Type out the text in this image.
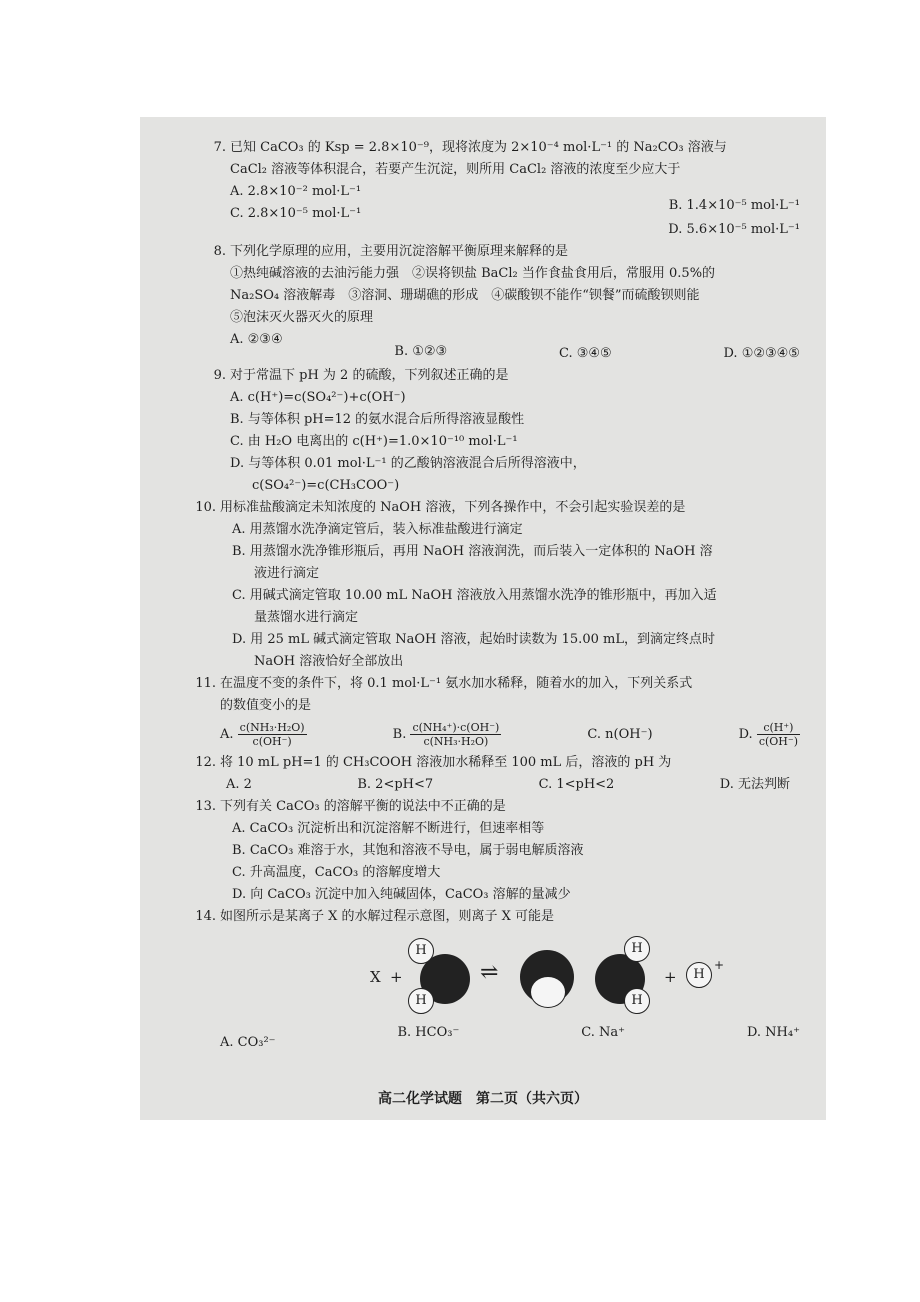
7. 已知 CaCO₃ 的 Ksp = 2.8×10⁻⁹，现将浓度为 2×10⁻⁴ mol·L⁻¹ 的 Na₂CO₃ 溶液与
CaCl₂ 溶液等体积混合，若要产生沉淀，则所用 CaCl₂ 溶液的浓度至少应大于
A. 2.8×10⁻² mol·L⁻¹
C. 2.8×10⁻⁵ mol·L⁻¹
B. 1.4×10⁻⁵ mol·L⁻¹
D. 5.6×10⁻⁵ mol·L⁻¹
8. 下列化学原理的应用，主要用沉淀溶解平衡原理来解释的是
①热纯碱溶液的去油污能力强　②误将钡盐 BaCl₂ 当作食盐食用后，常服用 0.5%的
Na₂SO₄ 溶液解毒　③溶洞、珊瑚礁的形成　④碳酸钡不能作“钡餐”而硫酸钡则能
⑤泡沫灭火器灭火的原理
A. ②③④
B. ①②③	C. ③④⑤	D. ①②③④⑤
9. 对于常温下 pH 为 2 的硫酸，下列叙述正确的是
A. c(H⁺)=c(SO₄²⁻)+c(OH⁻)
B. 与等体积 pH=12 的氨水混合后所得溶液显酸性
C. 由 H₂O 电离出的 c(H⁺)=1.0×10⁻¹⁰ mol·L⁻¹
D. 与等体积 0.01 mol·L⁻¹ 的乙酸钠溶液混合后所得溶液中，
c(SO₄²⁻)=c(CH₃COO⁻)
10. 用标准盐酸滴定未知浓度的 NaOH 溶液，下列各操作中，不会引起实验误差的是
A. 用蒸馏水洗净滴定管后，装入标准盐酸进行滴定
B. 用蒸馏水洗净锥形瓶后，再用 NaOH 溶液润洗，而后装入一定体积的 NaOH 溶
液进行滴定
C. 用碱式滴定管取 10.00 mL NaOH 溶液放入用蒸馏水洗净的锥形瓶中，再加入适
量蒸馏水进行滴定
D. 用 25 mL 碱式滴定管取 NaOH 溶液，起始时读数为 15.00 mL，到滴定终点时
NaOH 溶液恰好全部放出
11. 在温度不变的条件下，将 0.1 mol·L⁻¹ 氨水加水稀释，随着水的加入，下列关系式
的数值变小的是
A. $\frac{\text{c(NH₃·H₂O)}}{c(OH^-)}$	B. $\frac{\text{c(NH₄⁺)·c(OH⁻)}}{\text{c(NH₃·H₂O)}}$	C. n(OH⁻)	D. $\frac{c(H^+)}{c(OH^-)}$
12. 将 10 mL pH=1 的 CH₃COOH 溶液加水稀释至 100 mL 后，溶液的 pH 为
A. 2	B. 2<pH<7	C. 1<pH<2	D. 无法判断
13. 下列有关 CaCO₃ 的溶解平衡的说法中不正确的是
A. CaCO₃ 沉淀析出和沉淀溶解不断进行，但速率相等
B. CaCO₃ 难溶于水，其饱和溶液不导电，属于弱电解质溶液
C. 升高温度，CaCO₃ 的溶解度增大
D. 向 CaCO₃ 沉淀中加入纯碱固体，CaCO₃ 溶解的量减少
14. 如图所示是某离子 X 的水解过程示意图，则离子 X 可能是
X +
H
H
⇌
H
H
+	H
+
A. CO₃²⁻
B. HCO₃⁻	C. Na⁺	D. NH₄⁺
高二化学试题　第二页（共六页）
